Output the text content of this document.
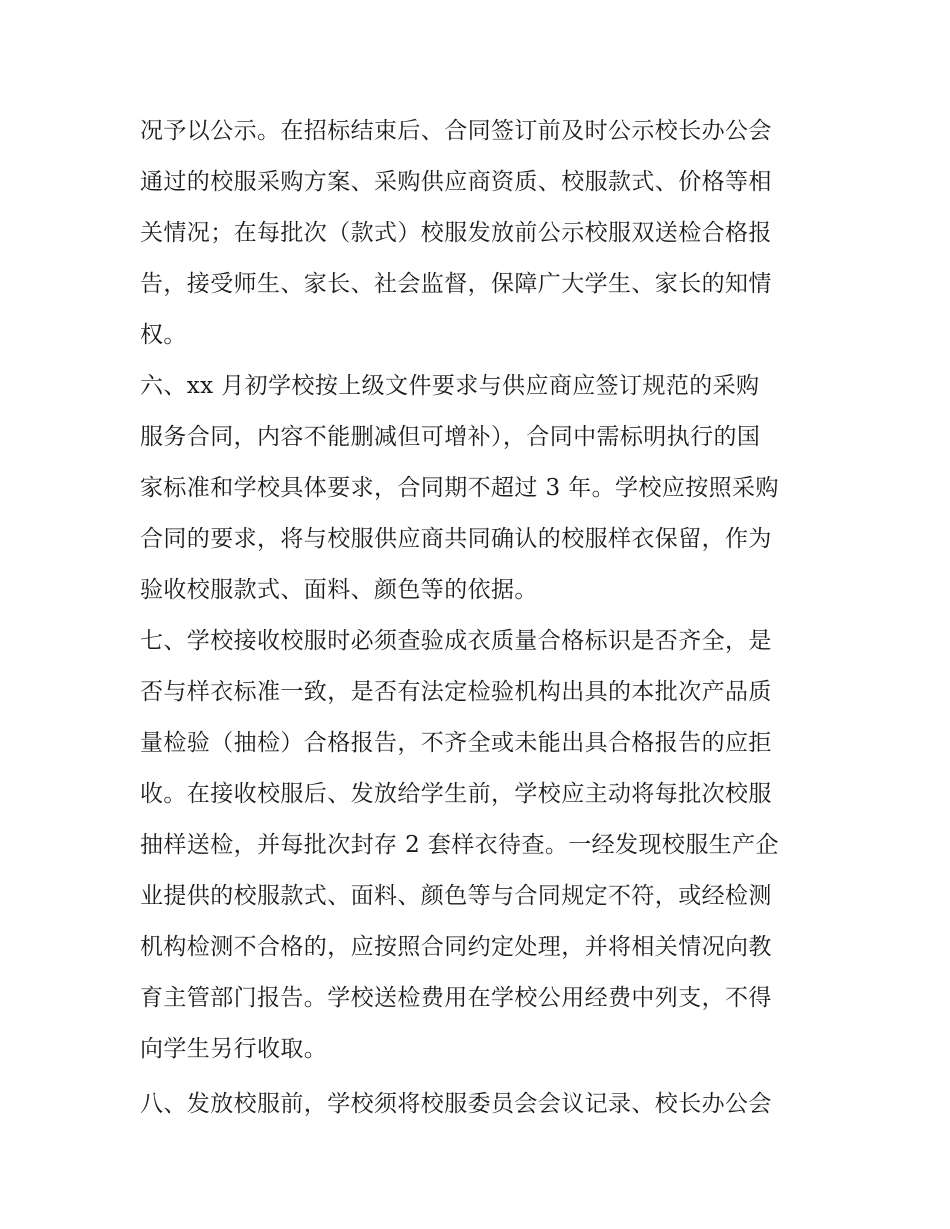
况予以公示。在招标结束后、合同签订前及时公示校长办公会
通过的校服采购方案、采购供应商资质、校服款式、价格等相
关情况；在每批次（款式）校服发放前公示校服双送检合格报
告，接受师生、家长、社会监督，保障广大学生、家长的知情
权。
六、xx 月初学校按上级文件要求与供应商应签订规范的采购
服务合同，内容不能删减但可增补），合同中需标明执行的国
家标准和学校具体要求，合同期不超过 3 年。学校应按照采购
合同的要求，将与校服供应商共同确认的校服样衣保留，作为
验收校服款式、面料、颜色等的依据。
七、学校接收校服时必须查验成衣质量合格标识是否齐全，是
否与样衣标准一致，是否有法定检验机构出具的本批次产品质
量检验（抽检）合格报告，不齐全或未能出具合格报告的应拒
收。在接收校服后、发放给学生前，学校应主动将每批次校服
抽样送检，并每批次封存 2 套样衣待查。一经发现校服生产企
业提供的校服款式、面料、颜色等与合同规定不符，或经检测
机构检测不合格的，应按照合同约定处理，并将相关情况向教
育主管部门报告。学校送检费用在学校公用经费中列支，不得
向学生另行收取。
八、发放校服前，学校须将校服委员会会议记录、校长办公会
